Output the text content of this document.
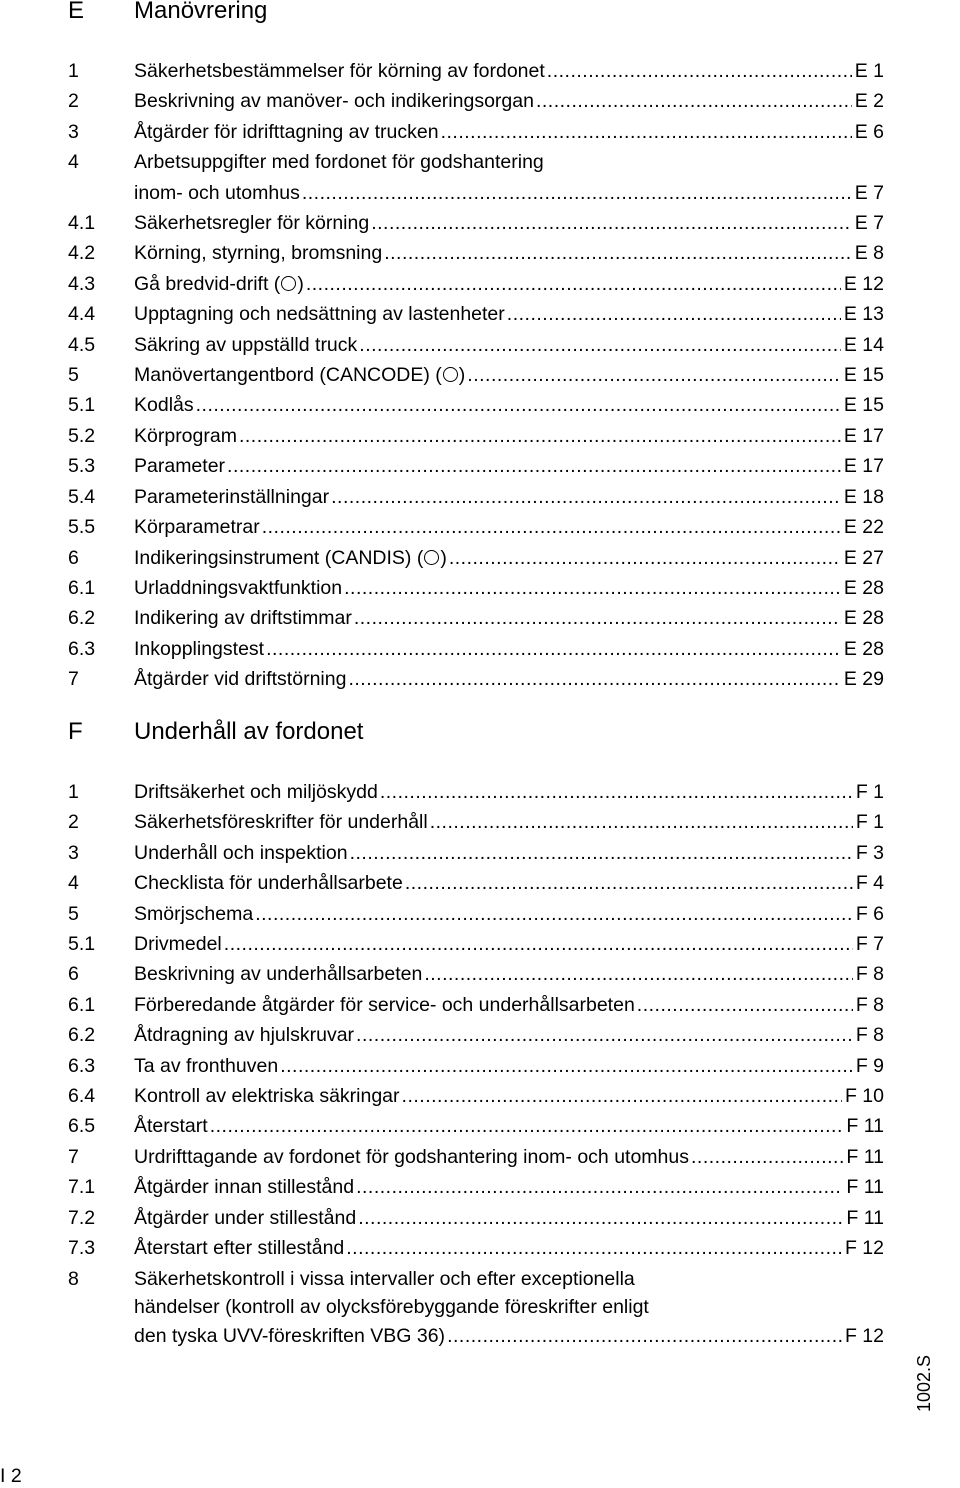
E Manövrering
1	Säkerhetsbestämmelser för körning av fordonet .....	E 1
2	Beskrivning av manöver- och indikeringsorgan .....	E 2
3	Åtgärder för idrifttagning av trucken .....	E 6
4	Arbetsuppgifter med fordonet för godshantering
inom- och utomhus .....	E 7
4.1	Säkerhetsregler för körning .....	E 7
4.2	Körning, styrning, bromsning .....	E 8
4.3	Gå bredvid-drift ( ) .....	E 12
4.4	Upptagning och nedsättning av lastenheter .....	E 13
4.5	Säkring av uppställd truck .....	E 14
5	Manövertangentbord (CANCODE) ( ) .....	E 15
5.1	Kodlås .....	E 15
5.2	Körprogram .....	E 17
5.3	Parameter .....	E 17
5.4	Parameterinställningar .....	E 18
5.5	Körparametrar .....	E 22
6	Indikeringsinstrument (CANDIS) ( ) .....	E 27
6.1	Urladdningsvaktfunktion .....	E 28
6.2	Indikering av driftstimmar .....	E 28
6.3	Inkopplingstest .....	E 28
7	Åtgärder vid driftstörning .....	E 29
F Underhåll av fordonet
1	Driftsäkerhet och miljöskydd .....	F 1
2	Säkerhetsföreskrifter för underhåll .....	F 1
3	Underhåll och inspektion .....	F 3
4	Checklista för underhållsarbete .....	F 4
5	Smörjschema .....	F 6
5.1	Drivmedel .....	F 7
6	Beskrivning av underhållsarbeten .....	F 8
6.1	Förberedande åtgärder för service- och underhållsarbeten .....	F 8
6.2	Åtdragning av hjulskruvar .....	F 8
6.3	Ta av fronthuven .....	F 9
6.4	Kontroll av elektriska säkringar .....	F 10
6.5	Återstart .....	F 11
7	Urdrifttagande av fordonet för godshantering inom- och utomhus .....	F 11
7.1	Åtgärder innan stillestånd .....	F 11
7.2	Åtgärder under stillestånd .....	F 11
7.3	Återstart efter stillestånd .....	F 12
8	Säkerhetskontroll i vissa intervaller och efter exceptionella
händelser (kontroll av olycksförebyggande föreskrifter enligt
den tyska UVV-föreskriften VBG 36) .....	F 12
1002.S
I 2
